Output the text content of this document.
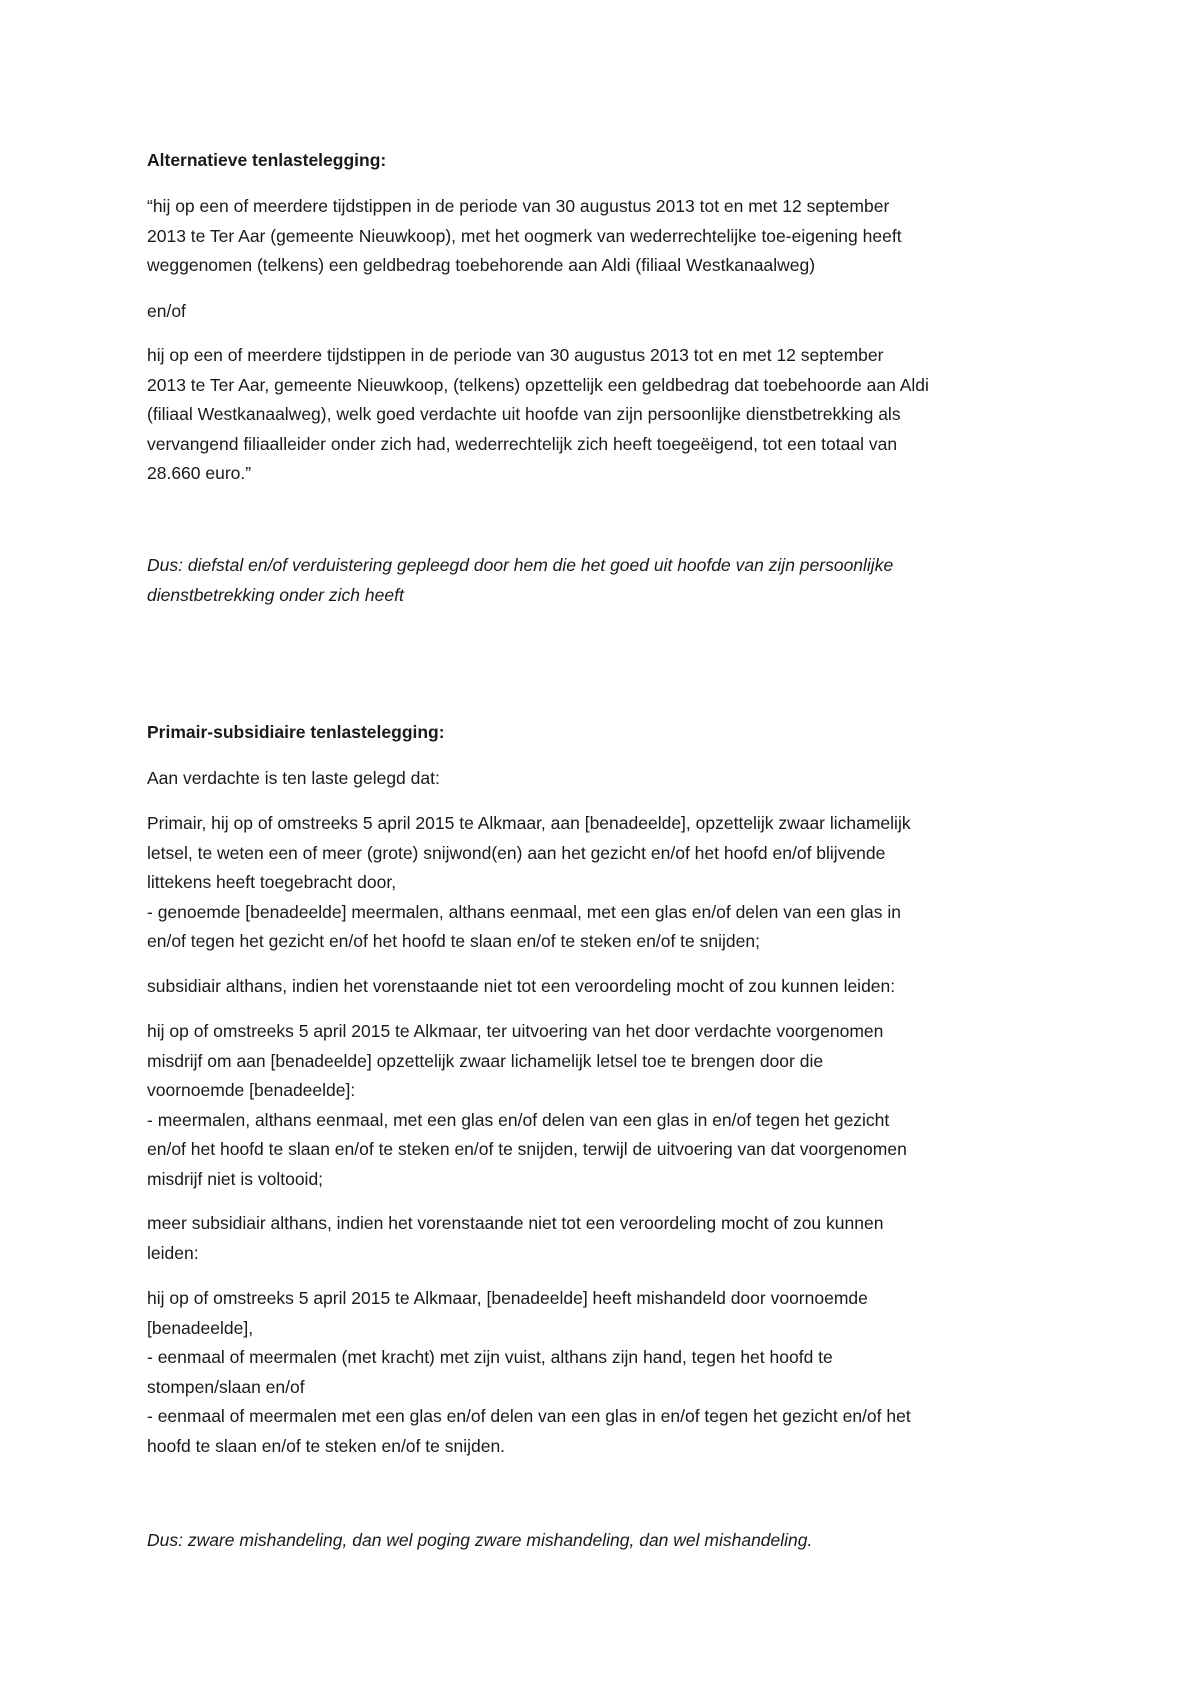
Alternatieve tenlastelegging:

“hij op een of meerdere tijdstippen in de periode van 30 augustus 2013 tot en met 12 september
2013 te Ter Aar (gemeente Nieuwkoop), met het oogmerk van wederrechtelijke toe-eigening heeft
weggenomen (telkens) een geldbedrag toebehorende aan Aldi (filiaal Westkanaalweg)

en/of

hij op een of meerdere tijdstippen in de periode van 30 augustus 2013 tot en met 12 september
2013 te Ter Aar, gemeente Nieuwkoop, (telkens) opzettelijk een geldbedrag dat toebehoorde aan Aldi
(filiaal Westkanaalweg), welk goed verdachte uit hoofde van zijn persoonlijke dienstbetrekking als
vervangend filiaalleider onder zich had, wederrechtelijk zich heeft toegeëigend, tot een totaal van
28.660 euro.”

Dus: diefstal en/of verduistering gepleegd door hem die het goed uit hoofde van zijn persoonlijke
dienstbetrekking onder zich heeft

Primair-subsidiaire tenlastelegging:

Aan verdachte is ten laste gelegd dat:

Primair, hij op of omstreeks 5 april 2015 te Alkmaar, aan [benadeelde], opzettelijk zwaar lichamelijk
letsel, te weten een of meer (grote) snijwond(en) aan het gezicht en/of het hoofd en/of blijvende
littekens heeft toegebracht door,
- genoemde [benadeelde] meermalen, althans eenmaal, met een glas en/of delen van een glas in
en/of tegen het gezicht en/of het hoofd te slaan en/of te steken en/of te snijden;

subsidiair althans, indien het vorenstaande niet tot een veroordeling mocht of zou kunnen leiden:

hij op of omstreeks 5 april 2015 te Alkmaar, ter uitvoering van het door verdachte voorgenomen
misdrijf om aan [benadeelde] opzettelijk zwaar lichamelijk letsel toe te brengen door die
voornoemde [benadeelde]:
- meermalen, althans eenmaal, met een glas en/of delen van een glas in en/of tegen het gezicht
en/of het hoofd te slaan en/of te steken en/of te snijden, terwijl de uitvoering van dat voorgenomen
misdrijf niet is voltooid;

meer subsidiair althans, indien het vorenstaande niet tot een veroordeling mocht of zou kunnen
leiden:

hij op of omstreeks 5 april 2015 te Alkmaar, [benadeelde] heeft mishandeld door voornoemde
[benadeelde],
- eenmaal of meermalen (met kracht) met zijn vuist, althans zijn hand, tegen het hoofd te
stompen/slaan en/of
- eenmaal of meermalen met een glas en/of delen van een glas in en/of tegen het gezicht en/of het
hoofd te slaan en/of te steken en/of te snijden.

Dus: zware mishandeling, dan wel poging zware mishandeling, dan wel mishandeling.
